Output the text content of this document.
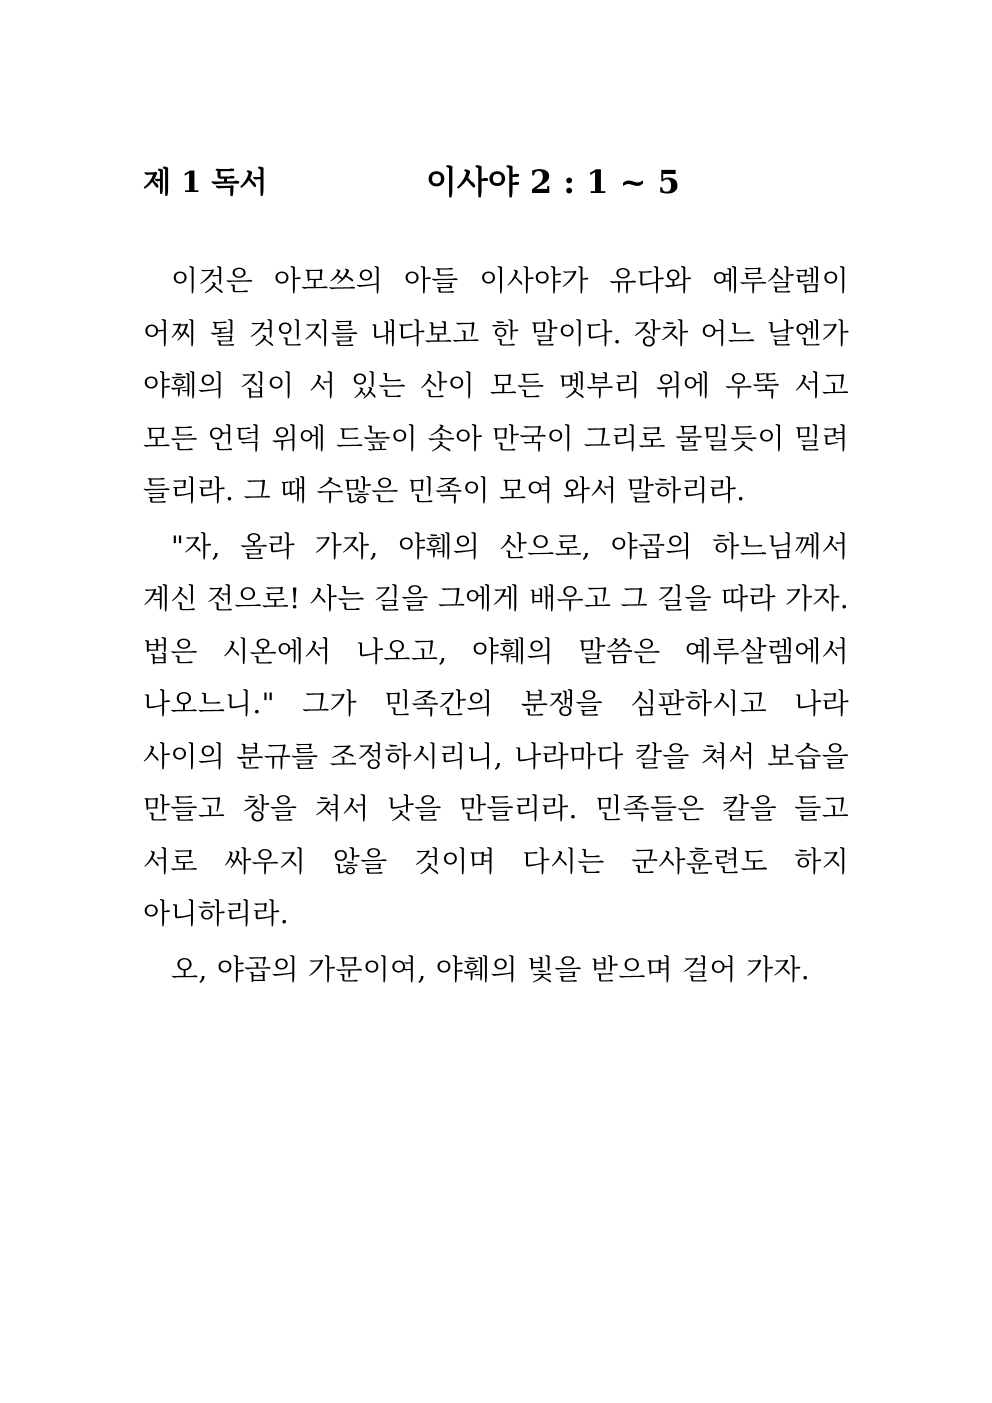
제 1 독서	이사야 2 : 1 ~ 5

이것은 아모쓰의 아들 이사야가 유다와 예루살렘이 어찌 될 것인지를 내다보고 한 말이다. 장차 어느 날엔가 야훼의 집이 서 있는 산이 모든 멧부리 위에 우뚝 서고 모든 언덕 위에 드높이 솟아 만국이 그리로 물밀듯이 밀려 들리라. 그 때 수많은 민족이 모여 와서 말하리라.

"자, 올라 가자, 야훼의 산으로, 야곱의 하느님께서 계신 전으로! 사는 길을 그에게 배우고 그 길을 따라 가자. 법은 시온에서 나오고, 야훼의 말씀은 예루살렘에서 나오느니." 그가 민족간의 분쟁을 심판하시고 나라 사이의 분규를 조정하시리니, 나라마다 칼을 쳐서 보습을 만들고 창을 쳐서 낫을 만들리라. 민족들은 칼을 들고 서로 싸우지 않을 것이며 다시는 군사훈련도 하지 아니하리라.

오, 야곱의 가문이여, 야훼의 빛을 받으며 걸어 가자.
